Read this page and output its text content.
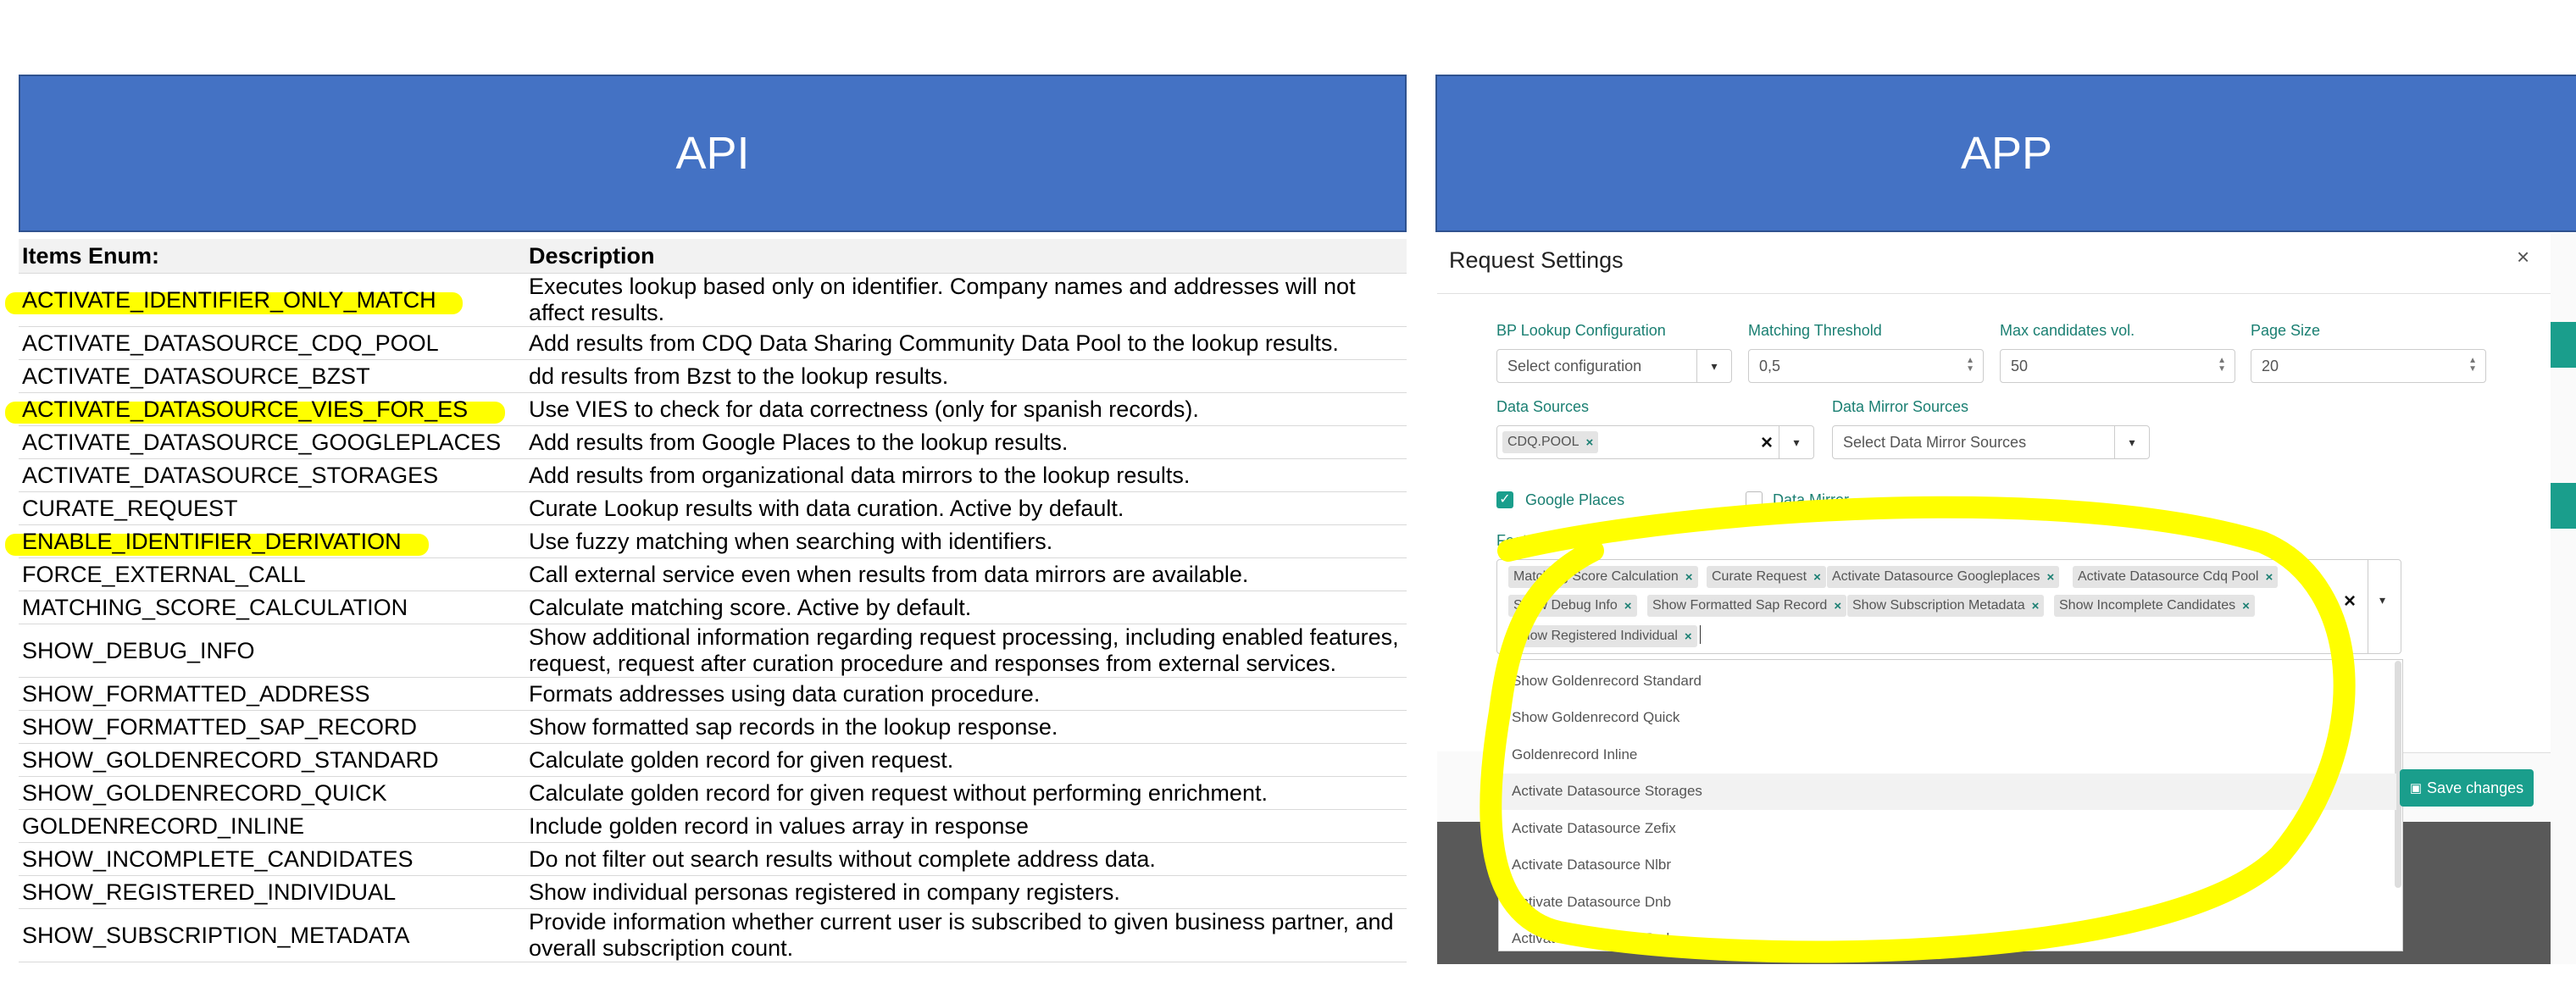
API	APP
Items Enum:	Description

ACTIVATE_IDENTIFIER_ONLY_MATCH	Executes lookup based only on identifier. Company names and addresses will not affect results.
ACTIVATE_DATASOURCE_CDQ_POOL	Add results from CDQ Data Sharing Community Data Pool to the lookup results.
ACTIVATE_DATASOURCE_BZST	dd results from Bzst to the lookup results.

ACTIVATE_DATASOURCE_VIES_FOR_ES	Use VIES to check for data correctness (only for spanish records).
ACTIVATE_DATASOURCE_GOOGLEPLACES	Add results from Google Places to the lookup results.
ACTIVATE_DATASOURCE_STORAGES	Add results from organizational data mirrors to the lookup results.
CURATE_REQUEST	Curate Lookup results with data curation. Active by default.

ENABLE_IDENTIFIER_DERIVATION	Use fuzzy matching when searching with identifiers.
FORCE_EXTERNAL_CALL	Call external service even when results from data mirrors are available.
MATCHING_SCORE_CALCULATION	Calculate matching score. Active by default.
SHOW_DEBUG_INFO	Show additional information regarding request processing, including enabled features, request, request after curation procedure and responses from external services.
SHOW_FORMATTED_ADDRESS	Formats addresses using data curation procedure.
SHOW_FORMATTED_SAP_RECORD	Show formatted sap records in the lookup response.
SHOW_GOLDENRECORD_STANDARD	Calculate golden record for given request.
SHOW_GOLDENRECORD_QUICK	Calculate golden record for given request without performing enrichment.
GOLDENRECORD_INLINE	Include golden record in values array in response
SHOW_INCOMPLETE_CANDIDATES	Do not filter out search results without complete address data.
SHOW_REGISTERED_INDIVIDUAL	Show individual personas registered in company registers.
SHOW_SUBSCRIPTION_METADATA	Provide information whether current user is subscribed to given business partner, and overall subscription count.
Request Settings	×
BP Lookup Configuration
Select configuration	▾
Matching Threshold
0,5	▲
▼
Max candidates vol.
50	▲
▼
Page Size
20	▲
▼
Data Sources
CDQ.POOL ×	×	▾
Data Mirror Sources
Select Data Mirror Sources	▾
✓ Google Places	Data Mirror
Features ON
▾
×
Matching Score Calculation × Curate Request × Activate Datasource Googleplaces × Activate Datasource Cdq Pool ×
Show Debug Info × Show Formatted Sap Record × Show Subscription Metadata × Show Incomplete Candidates ×
Show Registered Individual ×
Show Goldenrecord Standard
Show Goldenrecord Quick
Goldenrecord Inline
Activate Datasource Storages
Activate Datasource Zefix
Activate Datasource Nlbr
Activate Datasource Dnb
Activate Datasource Bvd
▣ Save changes
